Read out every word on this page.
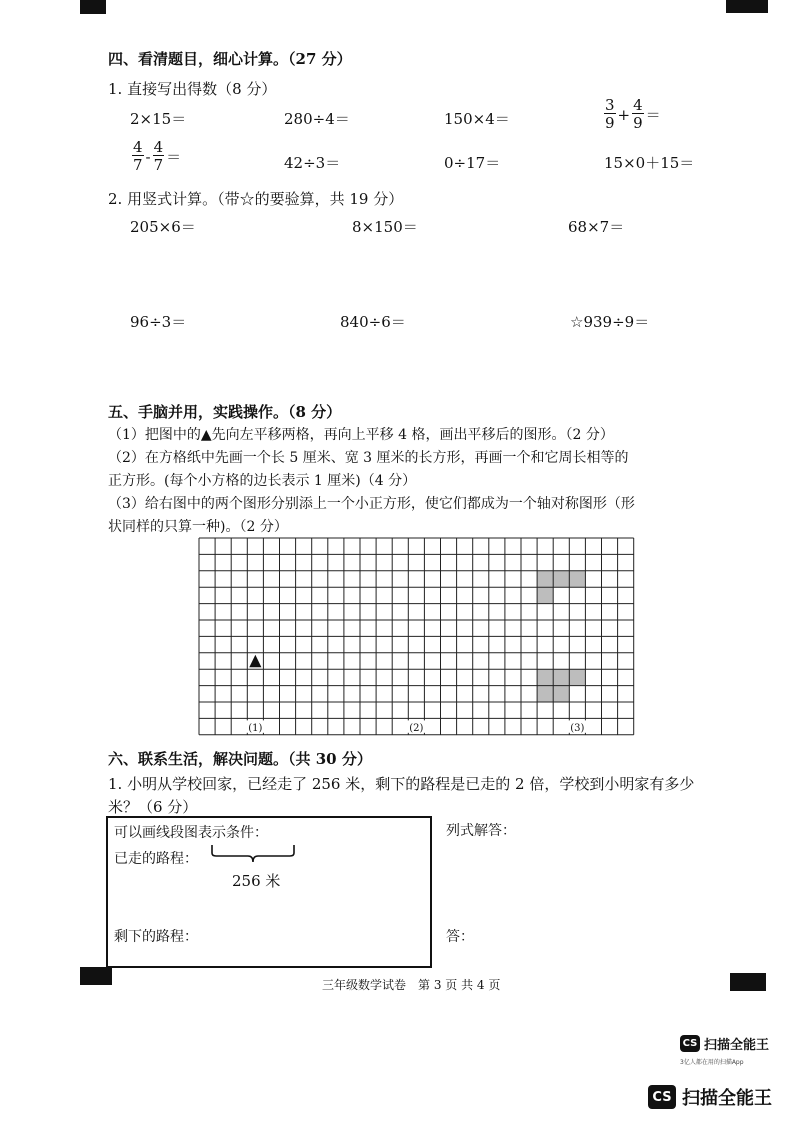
四、看清题目，细心计算。（27 分）
1. 直接写出得数（8 分）
2×15＝	280÷4＝	150×4＝	$\frac{3}{9} + \frac{4}{9}$ ＝
$\frac{4}{7} - \frac{4}{7}$ ＝	42÷3＝	0÷17＝	15×0＋15＝
2. 用竖式计算。（带☆的要验算，共 19 分）
205×6＝	8×150＝	68×7＝
96÷3＝	840÷6＝	☆939÷9＝
五、手脑并用，实践操作。（8 分）
（1）把图中的▲先向左平移两格，再向上平移 4 格，画出平移后的图形。（2 分）
（2）在方格纸中先画一个长 5 厘米、宽 3 厘米的长方形，再画一个和它周长相等的
正方形。(每个小方格的边长表示 1 厘米)（4 分）
（3）给右图中的两个图形分别添上一个小正方形，使它们都成为一个轴对称图形（形
状同样的只算一种)。（2 分）
(1)	(2)	(3)
六、联系生活，解决问题。（共 30 分）
1. 小明从学校回家，已经走了 256 米，剩下的路程是已走的 2 倍，学校到小明家有多少
米？（6 分）
可以画线段图表示条件：
已走的路程：
256 米
剩下的路程：
列式解答：
答：
三年级数学试卷　第 3 页 共 4 页
CS 扫描全能王
3亿人都在用的扫描App
CS 扫描全能王
